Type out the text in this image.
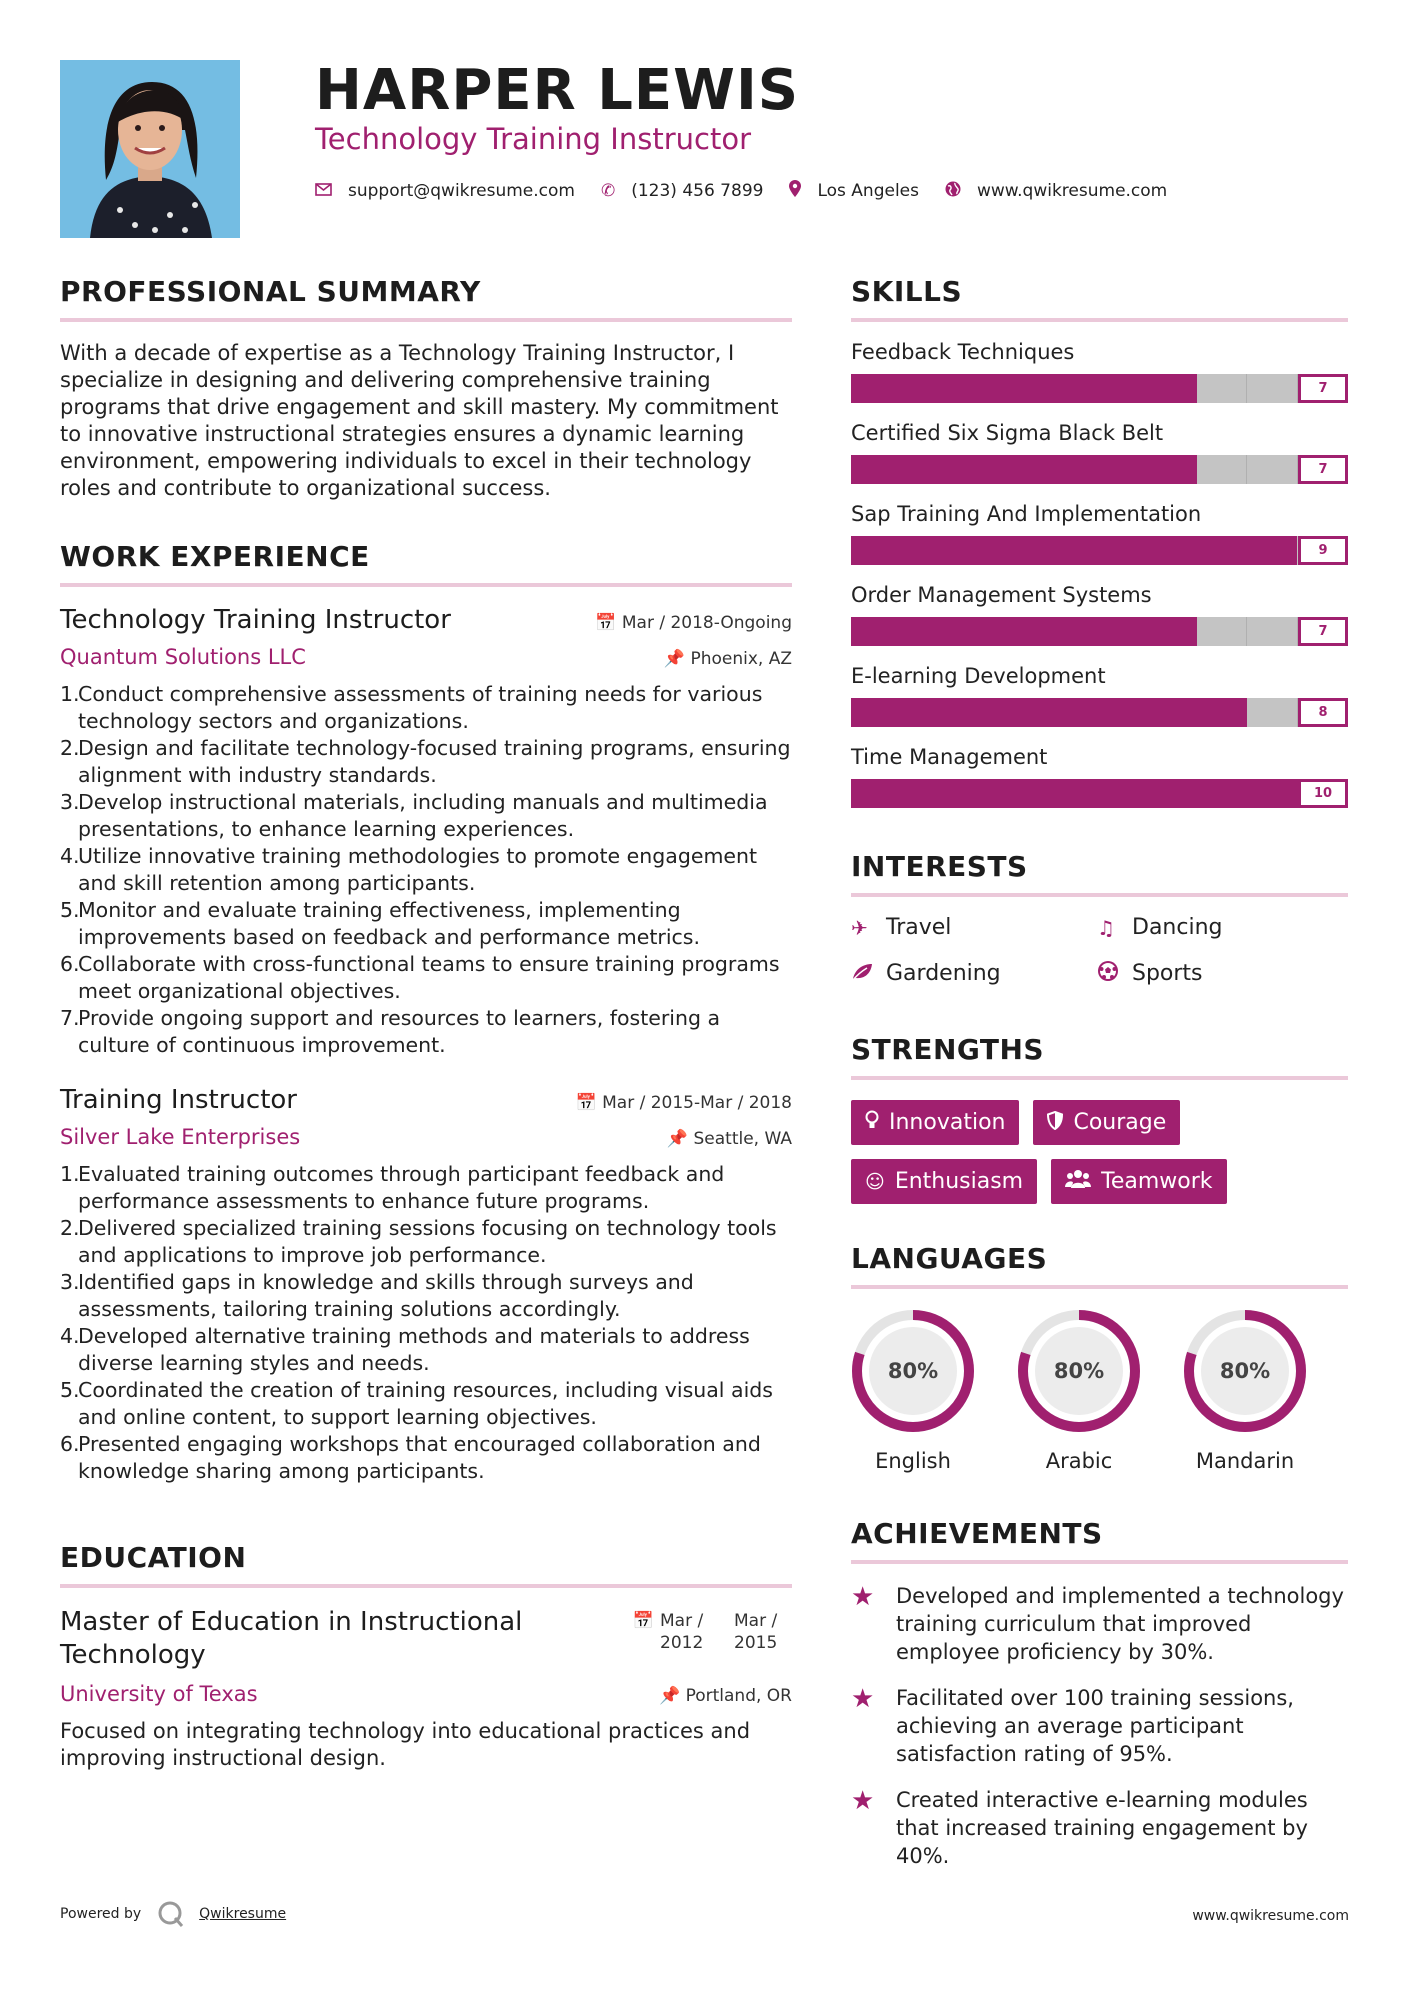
HARPER LEWIS
Technology Training Instructor
support@qwikresume.com ✆ (123) 456 7899	Los Angeles	www.qwikresume.com
PROFESSIONAL SUMMARY

With a decade of expertise as a Technology Training Instructor, I specialize in designing and delivering comprehensive training programs that drive engagement and skill mastery. My commitment to innovative instructional strategies ensures a dynamic learning environment, empowering individuals to excel in their technology roles and contribute to organizational success.

WORK EXPERIENCE
Technology Training Instructor	📅 Mar / 2018-Ongoing
Quantum Solutions LLC	📌 Phoenix, AZ
1.Conduct comprehensive assessments of training needs for various technology sectors and organizations.
2.Design and facilitate technology-focused training programs, ensuring alignment with industry standards.
3.Develop instructional materials, including manuals and multimedia presentations, to enhance learning experiences.
4.Utilize innovative training methodologies to promote engagement and skill retention among participants.
5.Monitor and evaluate training effectiveness, implementing improvements based on feedback and performance metrics.
6.Collaborate with cross-functional teams to ensure training programs meet organizational objectives.
7.Provide ongoing support and resources to learners, fostering a culture of continuous improvement.
Training Instructor	📅 Mar / 2015-Mar / 2018
Silver Lake Enterprises	📌 Seattle, WA
1.Evaluated training outcomes through participant feedback and performance assessments to enhance future programs.
2.Delivered specialized training sessions focusing on technology tools and applications to improve job performance.
3.Identified gaps in knowledge and skills through surveys and assessments, tailoring training solutions accordingly.
4.Developed alternative training methods and materials to address diverse learning styles and needs.
5.Coordinated the creation of training resources, including visual aids and online content, to support learning objectives.
6.Presented engaging workshops that encouraged collaboration and knowledge sharing among participants.
EDUCATION
Master of Education in Instructional Technology
📅 Mar / 2012
Mar / 2015
University of Texas	📌 Portland, OR

Focused on integrating technology into educational practices and improving instructional design.

SKILLS
Feedback Techniques
7
Certified Six Sigma Black Belt
7
Sap Training And Implementation
9
Order Management Systems
7
E-learning Development
8
Time Management
10
INTERESTS
✈ Travel	♫ Dancing
Gardening	Sports
STRENGTHS
Innovation	Courage
☺ Enthusiasm	Teamwork
LANGUAGES
80%
English
80%
Arabic
80%
Mandarin
ACHIEVEMENTS
★	Developed and implemented a technology training curriculum that improved employee proficiency by 30%.
★	Facilitated over 100 training sessions, achieving an average participant satisfaction rating of 95%.
★	Created interactive e-learning modules that increased training engagement by 40%.
Powered by	Qwikresume	www.qwikresume.com
